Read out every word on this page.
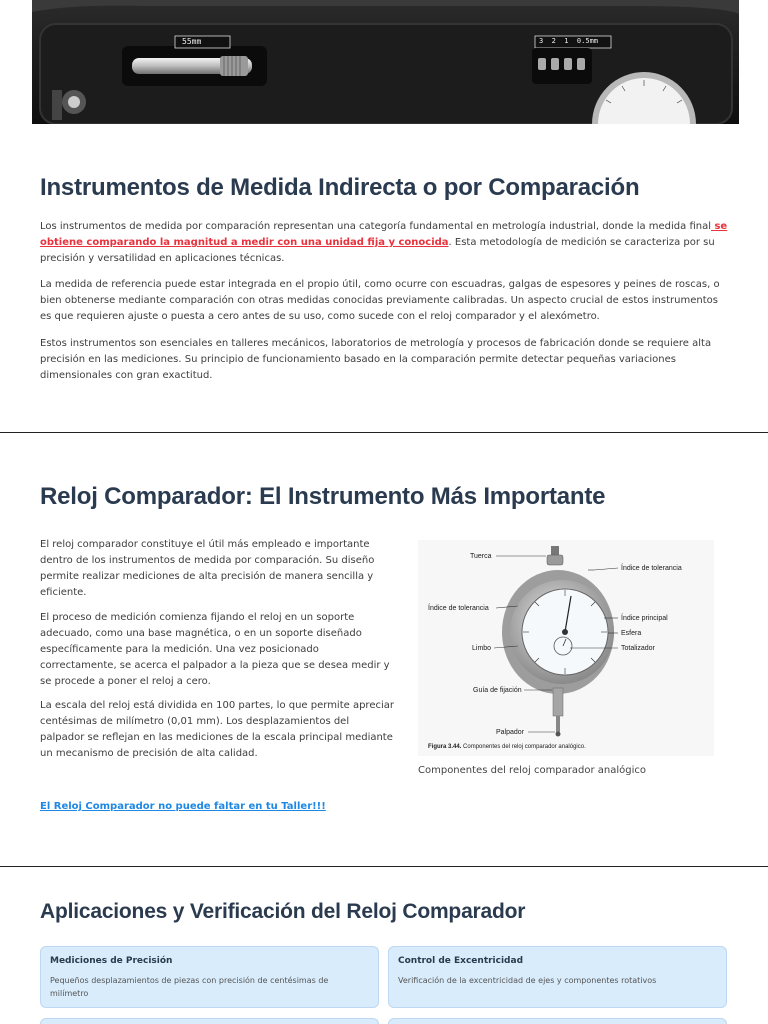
55mm	3  2  1  0.5mm
Instrumentos de Medida Indirecta o por Comparación

Los instrumentos de medida por comparación representan una categoría fundamental en metrología industrial, donde la medida final se obtiene comparando la magnitud a medir con una unidad fija y conocida. Esta metodología de medición se caracteriza por su precisión y versatilidad en aplicaciones técnicas.

La medida de referencia puede estar integrada en el propio útil, como ocurre con escuadras, galgas de espesores y peines de roscas, o bien obtenerse mediante comparación con otras medidas conocidas previamente calibradas. Un aspecto crucial de estos instrumentos es que requieren ajuste o puesta a cero antes de su uso, como sucede con el reloj comparador y el alexómetro.

Estos instrumentos son esenciales en talleres mecánicos, laboratorios de metrología y procesos de fabricación donde se requiere alta precisión en las mediciones. Su principio de funcionamiento basado en la comparación permite detectar pequeñas variaciones dimensionales con gran exactitud.

Reloj Comparador: El Instrumento Más Importante

El reloj comparador constituye el útil más empleado e importante dentro de los instrumentos de medida por comparación. Su diseño permite realizar mediciones de alta precisión de manera sencilla y eficiente.

El proceso de medición comienza fijando el reloj en un soporte adecuado, como una base magnética, o en un soporte diseñado específicamente para la medición. Una vez posicionado correctamente, se acerca el palpador a la pieza que se desea medir y se procede a poner el reloj a cero.

La escala del reloj está dividida en 100 partes, lo que permite apreciar centésimas de milímetro (0,01 mm). Los desplazamientos del palpador se reflejan en las mediciones de la escala principal mediante un mecanismo de precisión de alta calidad.

El Reloj Comparador no puede faltar en tu Taller!!!
Tuerca
Índice de tolerancia
Índice de tolerancia
Índice principal
Esfera
Limbo	Totalizador
Guía de fijación
Palpador
Figura 3.44. Componentes del reloj comparador analógico.

Componentes del reloj comparador analógico

Aplicaciones y Verificación del Reloj Comparador
Mediciones de Precisión
Pequeños desplazamientos de piezas con precisión de centésimas de milímetro
Control de Excentricidad
Verificación de la excentricidad de ejes y componentes rotativos
